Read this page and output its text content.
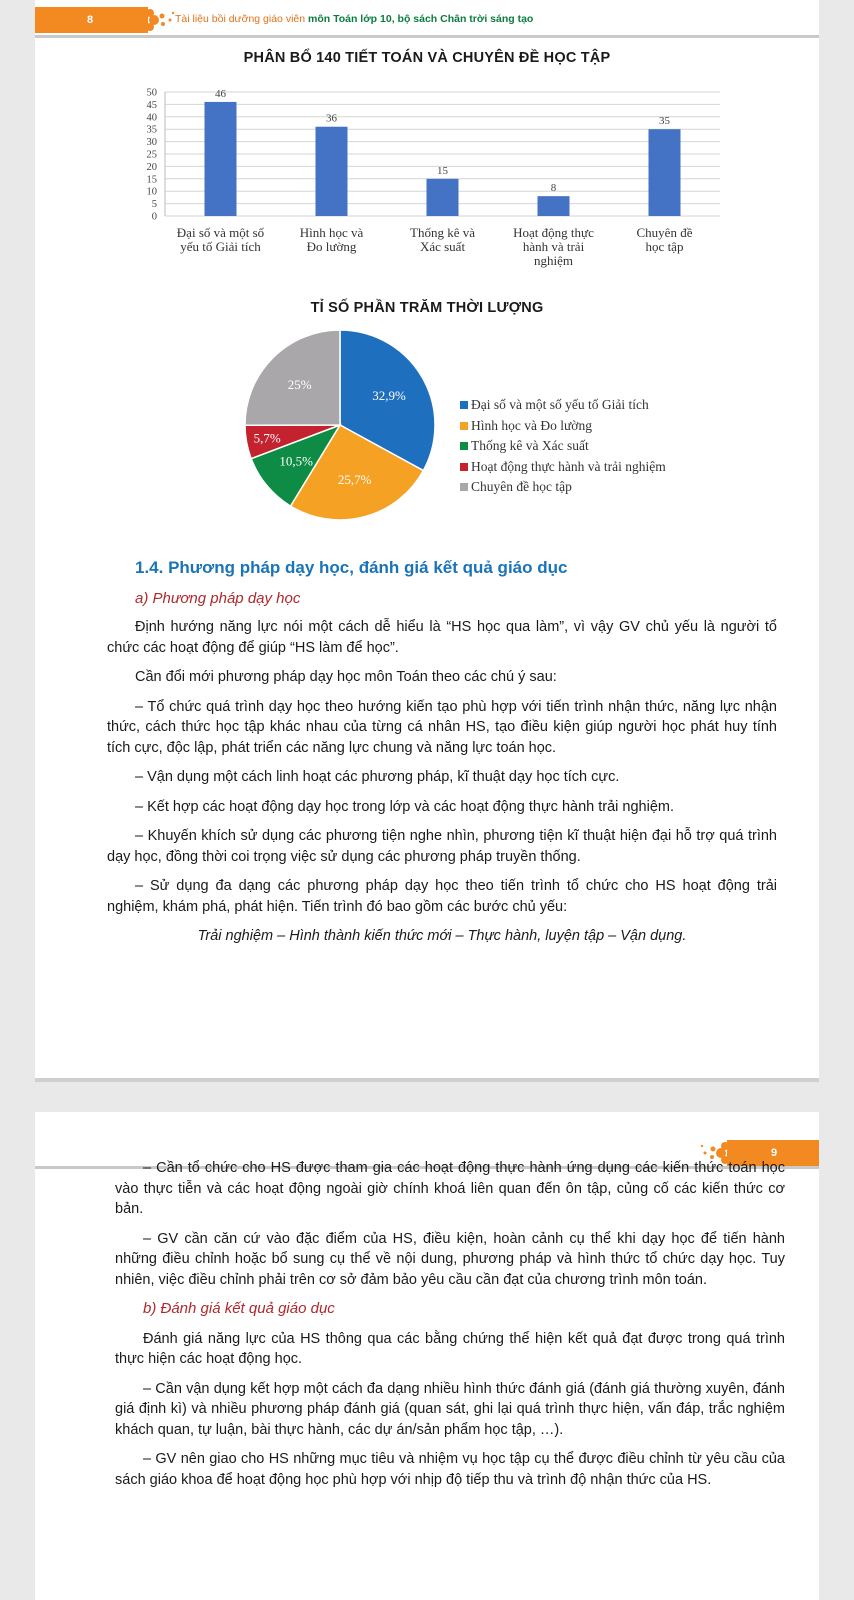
8	Tài liệu bồi dưỡng giáo viên môn Toán lớp 10, bộ sách Chân trời sáng tạo
PHÂN BỔ 140 TIẾT TOÁN VÀ CHUYÊN ĐỀ HỌC TẬP
0
5
10
15
20
25
30
35
40
45
50	46
Đại số và một số
yếu tố Giải tích
36
Hình học và
Đo lường
15
Thống kê và
Xác suất
8
Hoạt động thực
hành và trải
nghiệm
35
Chuyên đề
học tập
TỈ SỐ PHẦN TRĂM THỜI LƯỢNG
32,9%
25,7%
10,5%
5,7%
25%
Đại số và một số yếu tố Giải tích
Hình học và Đo lường
Thống kê và Xác suất
Hoạt động thực hành và trải nghiệm
Chuyên đề học tập
1.4. Phương pháp dạy học, đánh giá kết quả giáo dục
a) Phương pháp dạy học

Định hướng năng lực nói một cách dễ hiểu là “HS học qua làm”, vì vậy GV chủ yếu là người tổ chức các hoạt động để giúp “HS làm để học”.

Cần đổi mới phương pháp dạy học môn Toán theo các chú ý sau:

– Tổ chức quá trình dạy học theo hướng kiến tạo phù hợp với tiến trình nhận thức, năng lực nhận thức, cách thức học tập khác nhau của từng cá nhân HS, tạo điều kiện giúp người học phát huy tính tích cực, độc lập, phát triển các năng lực chung và năng lực toán học.

– Vận dụng một cách linh hoạt các phương pháp, kĩ thuật dạy học tích cực.

– Kết hợp các hoạt động dạy học trong lớp và các hoạt động thực hành trải nghiệm.

– Khuyến khích sử dụng các phương tiện nghe nhìn, phương tiện kĩ thuật hiện đại hỗ trợ quá trình dạy học, đồng thời coi trọng việc sử dụng các phương pháp truyền thống.

– Sử dụng đa dạng các phương pháp dạy học theo tiến trình tổ chức cho HS hoạt động trải nghiệm, khám phá, phát hiện. Tiến trình đó bao gồm các bước chủ yếu:

Trải nghiệm – Hình thành kiến thức mới – Thực hành, luyện tập – Vận dụng.

9

– Cần tổ chức cho HS được tham gia các hoạt động thực hành ứng dụng các kiến thức toán học vào thực tiễn và các hoạt động ngoài giờ chính khoá liên quan đến ôn tập, củng cố các kiến thức cơ bản.

– GV cần căn cứ vào đặc điểm của HS, điều kiện, hoàn cảnh cụ thể khi dạy học để tiến hành những điều chỉnh hoặc bổ sung cụ thể về nội dung, phương pháp và hình thức tổ chức dạy học. Tuy nhiên, việc điều chỉnh phải trên cơ sở đảm bảo yêu cầu cần đạt của chương trình môn toán.

b) Đánh giá kết quả giáo dục

Đánh giá năng lực của HS thông qua các bằng chứng thể hiện kết quả đạt được trong quá trình thực hiện các hoạt động học.

– Cần vận dụng kết hợp một cách đa dạng nhiều hình thức đánh giá (đánh giá thường xuyên, đánh giá định kì) và nhiều phương pháp đánh giá (quan sát, ghi lại quá trình thực hiện, vấn đáp, trắc nghiệm khách quan, tự luận, bài thực hành, các dự án/sản phẩm học tập, …).

– GV nên giao cho HS những mục tiêu và nhiệm vụ học tập cụ thể được điều chỉnh từ yêu cầu của sách giáo khoa để hoạt động học phù hợp với nhịp độ tiếp thu và trình độ nhận thức của HS.
